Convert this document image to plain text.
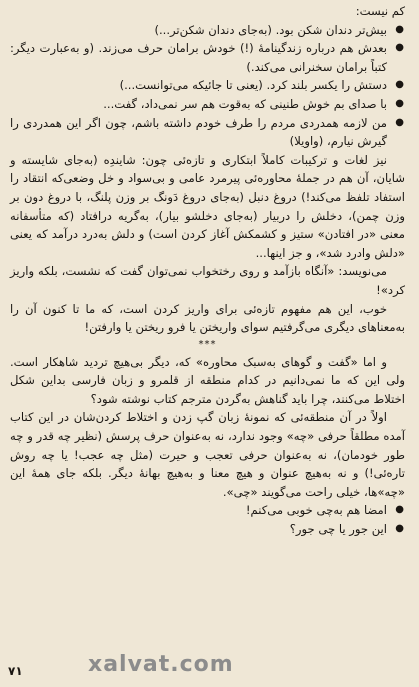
کم نیست:

● بیش‌تر دندان شکن بود. (به‌جای دندان شکن‌تر...)

● بعدش هم درباره زندگینامهٔ (!) خودش برامان حرف می‌زند. (و به‌عبارت دیگر: کتباً برامان سخنرانی می‌کند.)

● دستش را یکسر بلند کرد. (یعنی تا جائیکه می‌توانست...)

● با صدای بم خوش طنینی که به‌قوت هم سر نمی‌داد، گفت...

● من لازمه همدردی مردم را طرف خودم داشته باشم، چون اگر این همدردی را گیرش نیارم، (واویلا)

نیز لغات و ترکیبات کاملاً ابتکاری و تازه‌ئی چون: شایندِه (به‌جای شایسته و شایان، آن هم در جملهٔ محاوره‌ئی پیرمرد عامی و بی‌سواد و خل وضعی‌که انتقاد را استفاد تلفظ می‌کند!) دروغ دنبل (به‌جای دروغ دَونگ بر وزن پلنگ، با دروغ دون بر وزن چمن)، دخلش را دربیار (به‌جای دخلشو بیار)، به‌گریه درافتاد (که متأسفانه معنی «در افتادن» ستیز و کشمکش آغاز کردن است) و دلش به‌درد درآمد که یعنی «دلش وادرد شد»، و جز اینها...

می‌نویسد: «آنگاه بازآمد و روی رختخواب نمی‌توان گفت که نشست، بلکه واریز کرد»!

خوب، این هم مفهوم تازه‌ئی برای واریز کردن است، که ما تا کنون آن را به‌معناهای دیگری می‌گرفتیم سوای واریختن یا فرو ریختن یا وارفتن!

***

و اما «گفت و گوهای به‌سبک محاوره» که، دیگر بی‌هیچ تردید شاهکار است. ولی این که ما نمی‌دانیم در کدام منطقه از قلمرو و زبان فارسی بداین شکل اختلاط می‌کنند، چرا باید گناهش به‌گردن مترجم کتاب نوشته شود؟

اولاً در آن منطقه‌ئی که نمونهٔ زبان گپ زدن و اختلاط کردن‌شان در این کتاب آمده مطلقاً حرفی «چه» وجود ندارد، نه به‌عنوان حرف پرسش (نظیر چه قدر و چه طور خودمان)، نه به‌عنوان حرفی تعجب و حیرت (مثل چه عجب! یا چه روش تاره‌ئی!) و نه به‌هیچ عنوان و هیچ معنا و به‌هیچ بهانهٔ دیگر. بلکه جای همهٔ این «چه»ها، خیلی راحت می‌گویند «چی».

● امضا هم به‌چی خوبی می‌کنم!

● این جور یا چی جور؟

۷۱	xalvat.com
